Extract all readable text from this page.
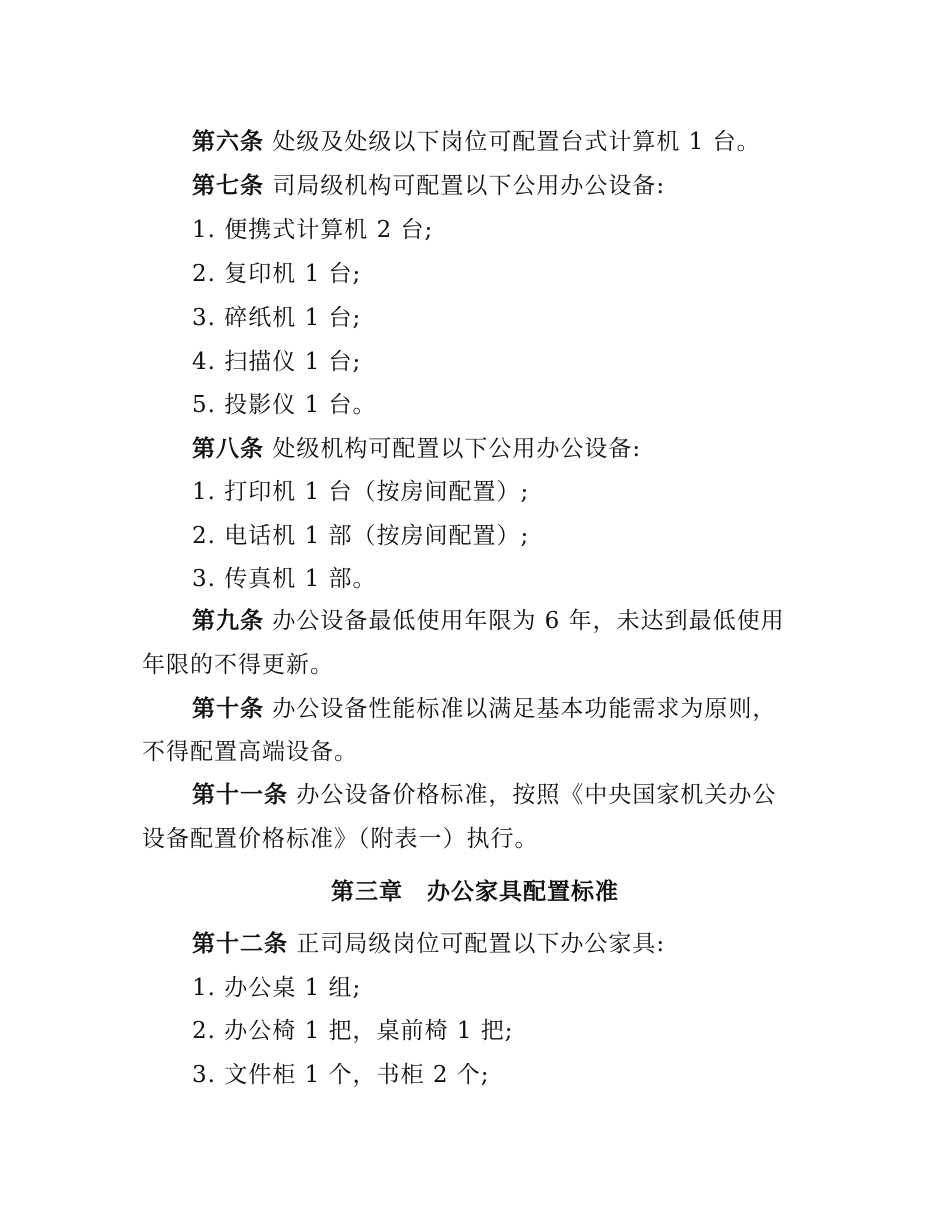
第六条 处级及处级以下岗位可配置台式计算机 1 台。
第七条 司局级机构可配置以下公用办公设备:
1. 便携式计算机 2 台;
2. 复印机 1 台;
3. 碎纸机 1 台;
4. 扫描仪 1 台;
5. 投影仪 1 台。
第八条 处级机构可配置以下公用办公设备:
1. 打印机 1 台（按房间配置）;
2. 电话机 1 部（按房间配置）;
3. 传真机 1 部。
第九条 办公设备最低使用年限为 6 年，未达到最低使用
年限的不得更新。
第十条 办公设备性能标准以满足基本功能需求为原则，
不得配置高端设备。
第十一条 办公设备价格标准，按照《中央国家机关办公
设备配置价格标准》（附表一）执行。
第三章　办公家具配置标准
第十二条 正司局级岗位可配置以下办公家具:
1. 办公桌 1 组;
2. 办公椅 1 把，桌前椅 1 把;
3. 文件柜 1 个，书柜 2 个;
